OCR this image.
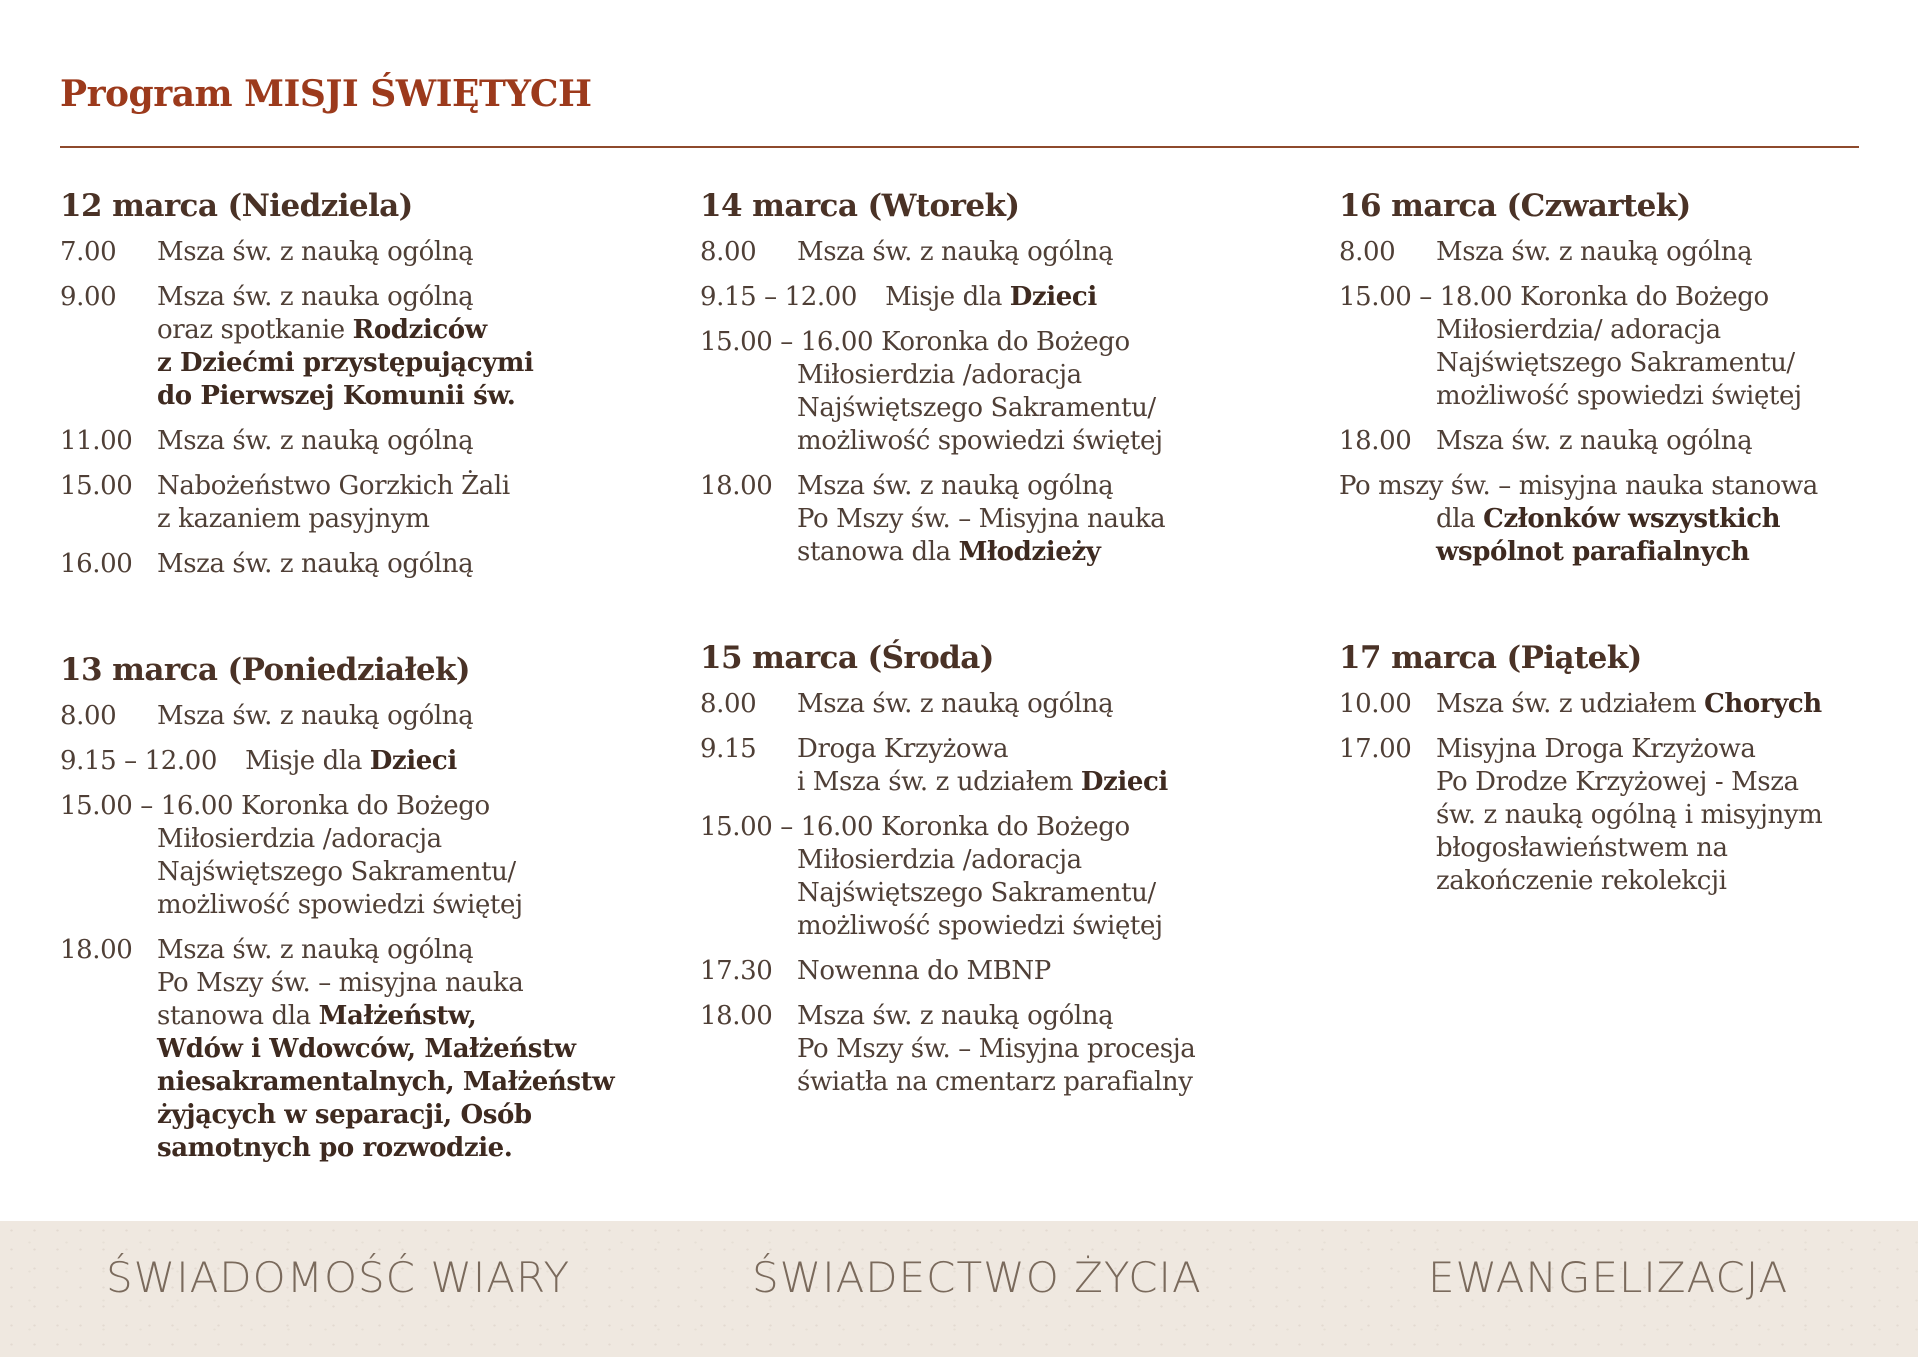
Program MISJI ŚWIĘTYCH
12 marca (Niedziela)
7.00	Msza św. z nauką ogólną
9.00	Msza św. z nauka ogólną
oraz spotkanie Rodziców
z Dziećmi przystępującymi
do Pierwszej Komunii św.
11.00 Msza św. z nauką ogólną
15.00 Nabożeństwo Gorzkich Żali
z kazaniem pasyjnym
16.00 Msza św. z nauką ogólną
13 marca (Poniedziałek)
8.00	Msza św. z nauką ogólną
9.15 – 12.00 Misje dla Dzieci
15.00 – 16.00 Koronka do Bożego
Miłosierdzia /adoracja
Najświętszego Sakramentu/
możliwość spowiedzi świętej
18.00 Msza św. z nauką ogólną
Po Mszy św. – misyjna nauka
stanowa dla Małżeństw,
Wdów i Wdowców, Małżeństw
niesakramentalnych, Małżeństw
żyjących w separacji, Osób
samotnych po rozwodzie.
14 marca (Wtorek)
8.00	Msza św. z nauką ogólną
9.15 – 12.00 Misje dla Dzieci
15.00 – 16.00 Koronka do Bożego
Miłosierdzia /adoracja
Najświętszego Sakramentu/
możliwość spowiedzi świętej
18.00 Msza św. z nauką ogólną
Po Mszy św. – Misyjna nauka
stanowa dla Młodzieży
15 marca (Środa)
8.00	Msza św. z nauką ogólną
9.15	Droga Krzyżowa
i Msza św. z udziałem Dzieci
15.00 – 16.00 Koronka do Bożego
Miłosierdzia /adoracja
Najświętszego Sakramentu/
możliwość spowiedzi świętej
17.30 Nowenna do MBNP
18.00 Msza św. z nauką ogólną
Po Mszy św. – Misyjna procesja
światła na cmentarz parafialny
16 marca (Czwartek)
8.00	Msza św. z nauką ogólną
15.00 – 18.00 Koronka do Bożego
Miłosierdzia/ adoracja
Najświętszego Sakramentu/
możliwość spowiedzi świętej
18.00 Msza św. z nauką ogólną
Po mszy św. – misyjna nauka stanowa
dla Członków wszystkich
wspólnot parafialnych
17 marca (Piątek)
10.00 Msza św. z udziałem Chorych
17.00 Misyjna Droga Krzyżowa
Po Drodze Krzyżowej - Msza
św. z nauką ogólną i misyjnym
błogosławieństwem na
zakończenie rekolekcji
ŚWIADOMOŚĆ WIARY	ŚWIADECTWO ŻYCIA	EWANGELIZACJA
